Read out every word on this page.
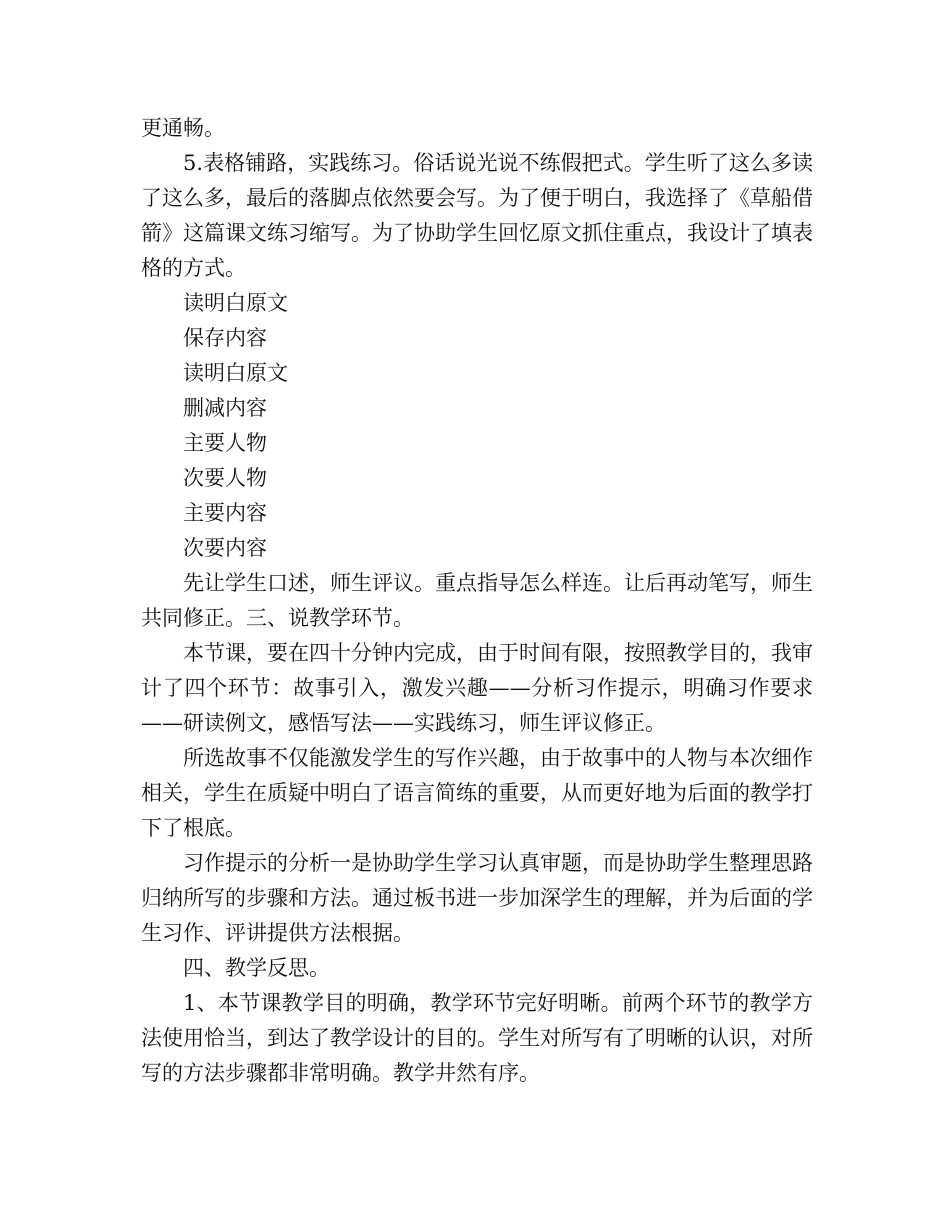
更通畅。

5.表格铺路，实践练习。俗话说光说不练假把式。学生听了这么多读了这么多，最后的落脚点依然要会写。为了便于明白，我选择了《草船借箭》这篇课文练习缩写。为了协助学生回忆原文抓住重点，我设计了填表格的方式。

读明白原文

保存内容

读明白原文

删减内容

主要人物

次要人物

主要内容

次要内容

先让学生口述，师生评议。重点指导怎么样连。让后再动笔写，师生共同修正。三、说教学环节。

本节课，要在四十分钟内完成，由于时间有限，按照教学目的，我审计了四个环节：故事引入，激发兴趣——分析习作提示，明确习作要求——研读例文，感悟写法——实践练习，师生评议修正。

所选故事不仅能激发学生的写作兴趣，由于故事中的人物与本次细作相关，学生在质疑中明白了语言简练的重要，从而更好地为后面的教学打下了根底。

习作提示的分析一是协助学生学习认真审题，而是协助学生整理思路归纳所写的步骤和方法。通过板书进一步加深学生的理解，并为后面的学生习作、评讲提供方法根据。

四、教学反思。

1、本节课教学目的明确，教学环节完好明晰。前两个环节的教学方法使用恰当，到达了教学设计的目的。学生对所写有了明晰的认识，对所写的方法步骤都非常明确。教学井然有序。
